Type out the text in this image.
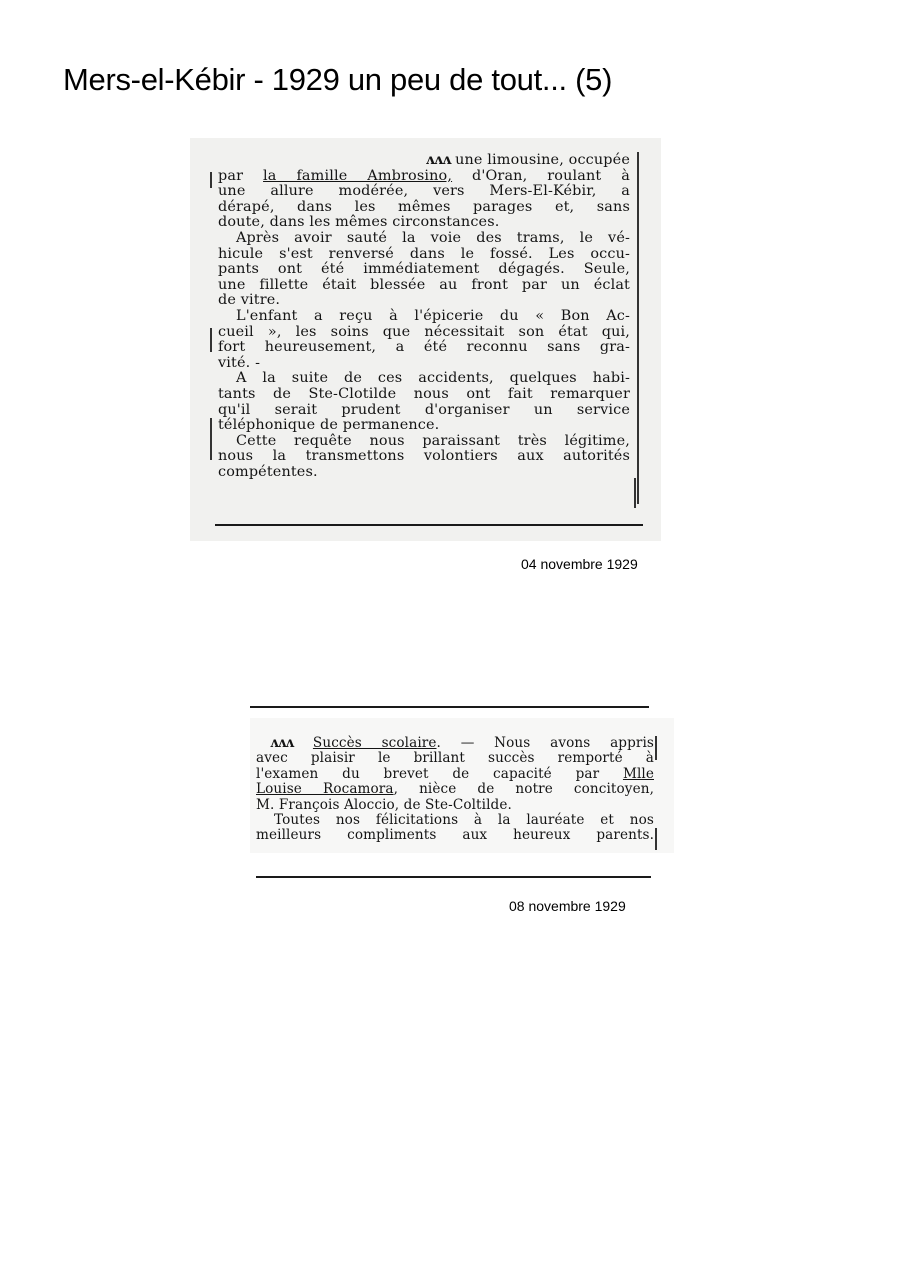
Mers-el-Kébir - 1929 un peu de tout... (5)
ʌʌʌ une limousine, occupée
par la famille Ambrosino, d'Oran, roulant à
une allure modérée, vers Mers-El-Kébir, a
dérapé, dans les mêmes parages et, sans
doute, dans les mêmes circonstances.
Après avoir sauté la voie des trams, le vé-
hicule s'est renversé dans le fossé. Les occu-
pants ont été immédiatement dégagés. Seule,
une fillette était blessée au front par un éclat
de vitre.
L'enfant a reçu à l'épicerie du « Bon Ac-
cueil », les soins que nécessitait son état qui,
fort heureusement, a été reconnu sans gra-
vité. -
A la suite de ces accidents, quelques habi-
tants de Ste-Clotilde nous ont fait remarquer
qu'il serait prudent d'organiser un service
téléphonique de permanence.
Cette requête nous paraissant très légitime,
nous la transmettons volontiers aux autorités
compétentes.
04 novembre 1929
ʌʌʌ Succès scolaire. — Nous avons appris
avec plaisir le brillant succès remporté à
l'examen du brevet de capacité par Mlle
Louise Rocamora, nièce de notre concitoyen,
M. François Aloccio, de Ste-Coltilde.
Toutes nos félicitations à la lauréate et nos
meilleurs compliments aux heureux parents.
08 novembre 1929
